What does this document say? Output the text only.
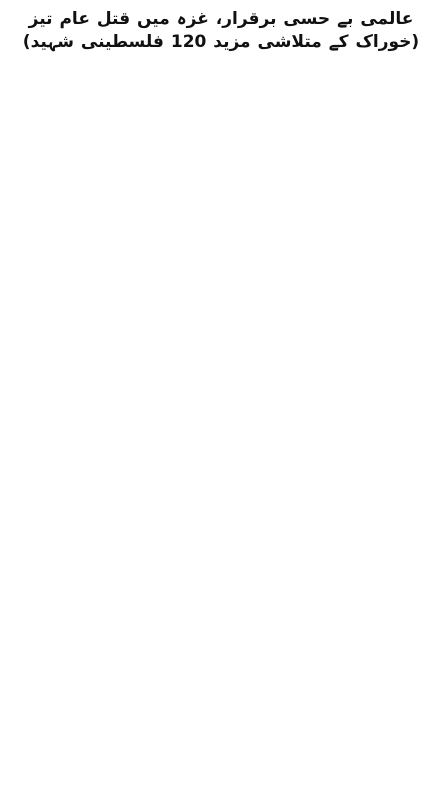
عالمی بے حسی برقرار، غزہ میں قتل عام تیز (خوراک کے متلاشی مزید 120 فلسطینی شہید)
